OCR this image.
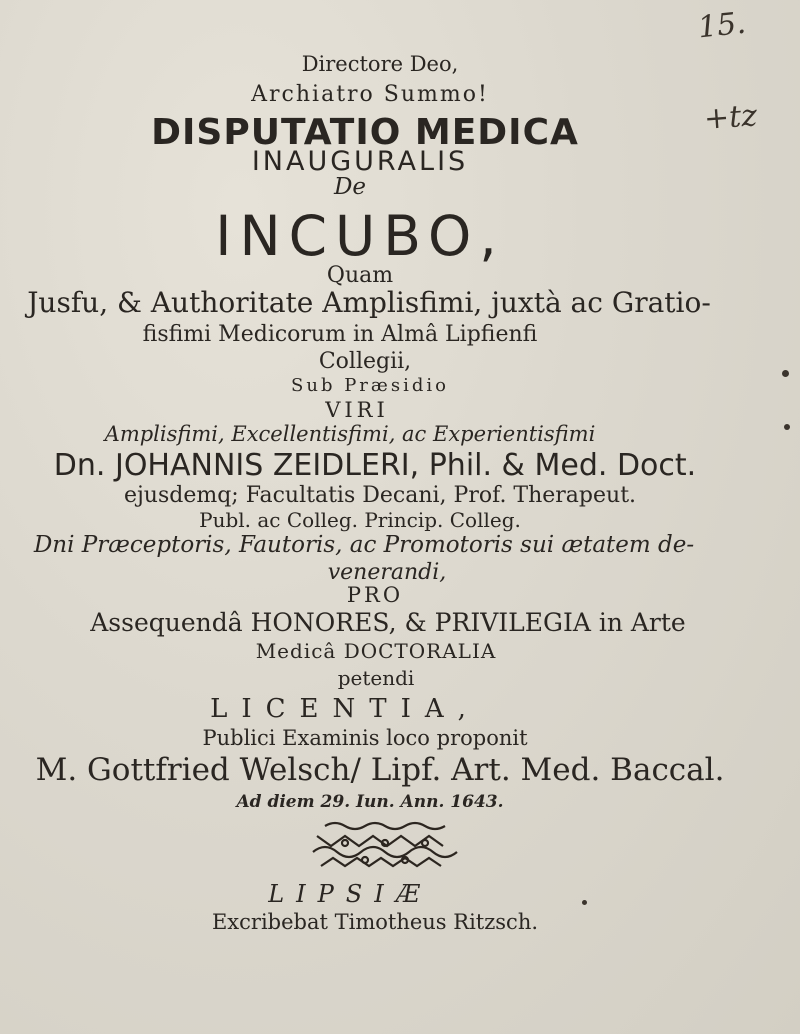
15.
+tz
Directore Deo,
Archiatro Summo!
DISPUTATIO MEDICA
INAUGURALIS
De
INCUBO,
Quam
Jusfu, & Authoritate Amplisfimi, juxtà ac Gratio-
fisfimi Medicorum in Almâ Lipfienfi
Collegii,
Sub Præsidio
VIRI
Amplisfimi, Excellentisfimi, ac Experientisfimi
Dn. JOHANNIS ZEIDLERI, Phil. & Med. Doct.
ejusdemq; Facultatis Decani, Prof. Therapeut.
Publ. ac Colleg. Princip. Colleg.
Dni Præceptoris, Fautoris, ac Promotoris sui ætatem de-
venerandi,
PRO
Assequendâ HONORES, & PRIVILEGIA in Arte
Medicâ DOCTORALIA
petendi
LICENTIA,
Publici Examinis loco proponit
M. Gottfried Welsch/ Lipf. Art. Med. Baccal.
Ad diem 29. Iun. Ann. 1643.
LIPSIÆ
Excribebat Timotheus Ritzsch.
